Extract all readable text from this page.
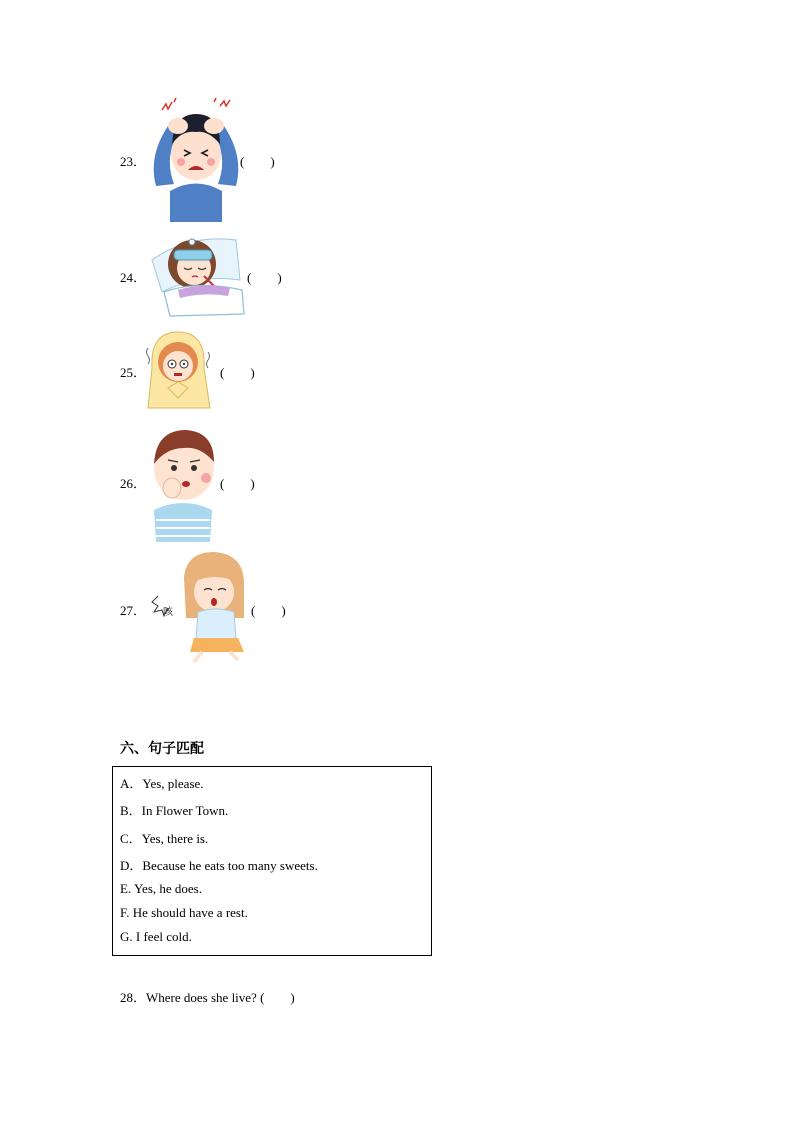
23．	(　　)
24．	(　　)
25．	(　　)
26．	(　　)
27． 咳	(　　)
六、句子匹配
A．Yes, please.
B．In Flower Town.
C．Yes, there is.
D．Because he eats too many sweets.
E. Yes, he does.
F. He should have a rest.
G. I feel cold.
28．Where does she live? (　　)
